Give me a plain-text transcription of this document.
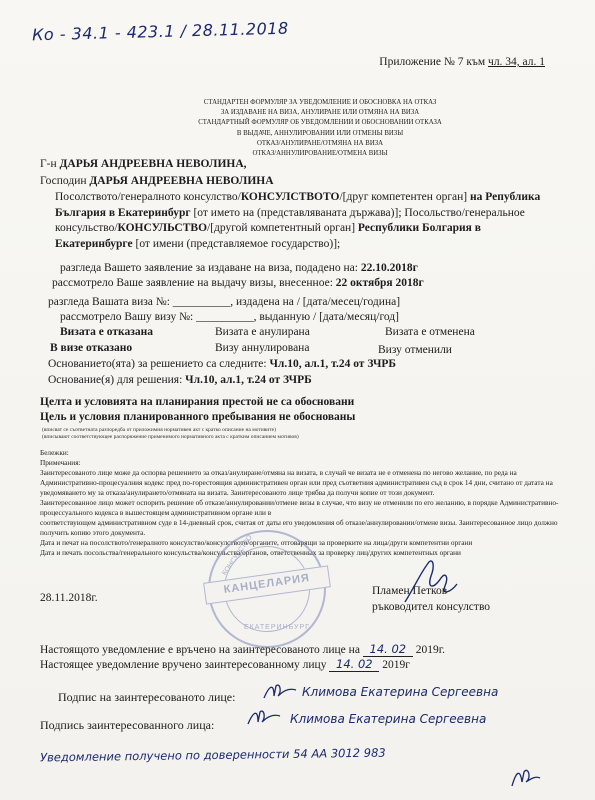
Ко - 34.1 - 423.1 / 28.11.2018
Приложение № 7 към чл. 34, ал. 1
СТАНДАРТЕН ФОРМУЛЯР ЗА УВЕДОМЛЕНИЕ И ОБОСНОВКА НА ОТКАЗ
ЗА ИЗДАВАНЕ НА ВИЗА, АНУЛИРАНЕ ИЛИ ОТМЯНА НА ВИЗА
СТАНДАРТНЫЙ ФОРМУЛЯР ОБ УВЕДОМЛЕНИИ И ОБОСНОВАНИИ ОТКАЗА
В ВЫДАЧЕ, АННУЛИРОВАНИИ ИЛИ ОТМЕНЫ ВИЗЫ
ОТКАЗ/АНУЛИРАНЕ/ОТМЯНА НА ВИЗА
ОТКАЗ/АННУЛИРОВАНИЕ/ОТМЕНА ВИЗЫ
Г-н ДАРЬЯ АНДРЕЕВНА НЕВОЛИНА,
Господин ДАРЬЯ АНДРЕЕВНА НЕВОЛИНА
Посолството/генералното консулство/КОНСУЛСТВОТО/[друг компетентен орган] на Република България в Екатеринбург [от името на (представляваната държава)]; Посольство/генеральное консульство/КОНСУЛЬСТВО/[другой компетентный орган] Республики Болгария в Екатеринбурге [от имени (представляемое государство)];
разгледа Вашето заявление за издаване на виза, подадено на: 22.10.2018г
рассмотрело Ваше заявление на выдачу визы, внесенное: 22 октября 2018г
разгледа Вашата виза №: __________, издадена на / [дата/месец/година]
рассмотрело Вашу визу №: __________, выданную / [дата/месяц/год]
Визата е отказана	Визата е анулирана	Визата е отменена
В визе отказано	Визу аннулирована	Визу отменили
Основанието(ята) за решението са следните: Чл.10, ал.1, т.24 от ЗЧРБ
Основание(я) для решения: Чл.10, ал.1, т.24 от ЗЧРБ
Целта и условията на планирания престой не са обосновани
Цель и условия планированного пребывания не обоснованы
(вписват се съответната разпоредба от приложимия нормативен акт с кратко описание на мотивите)
(вписывают соответствующее распоряжение применимого нормативного акта с кратким описанием мотивов)

Бележки:

Примечания:

Заинтересованото лице може да оспорва решението за отказ/анулиране/отмяна на визата, в случай че визата не е отменена по негово желание, по реда на Административно-процесуалния кодекс пред по-горестоящия административен орган или пред съответния административен съд в срок 14 дни, считано от датата на уведомяването му за отказа/анулирането/отмяната на визата. Заинтересованото лице трябва да получи копие от този документ.

Заинтересованное лицо может оспорить решение об отказе/аннулировании/отмене визы в случае, что визу не отменили по его желанию, в порядке Административно-процессуального кодекса в вышестоящем административном органе или в

соответствующем административном суде в 14-дневный срок, считая от даты его уведомления об отказе/аннулировании/отмене визы. Заинтересованное лицо должно получить копию этого документа.

Дата и печат на посолството/генералното консулство/консулството/органите, отговарящи за проверките на лица/други компетентни органи

Дата и печать посольства/генерального консульства/консульства/органов, ответственных за проверку лиц/других компетентных органи

КОНСУЛСТВО
КАНЦЕЛАРИЯ
ЕКАТЕРИНБУРГ
28.11.2018г.
Пламен Петков
ръководител консулство
Настоящото уведомление е връчено на заинтересованото лице на 14. 02 2019г.
Настоящее уведомление вручено заинтересованному лицу 14. 02 2019г
Подпис на заинтересованото лице:	Климова Екатерина Сергеевна
Подпись заинтересованного лица:	Климова Екатерина Сергеевна
Уведомление получено по доверенности 54 АА 3012 983
